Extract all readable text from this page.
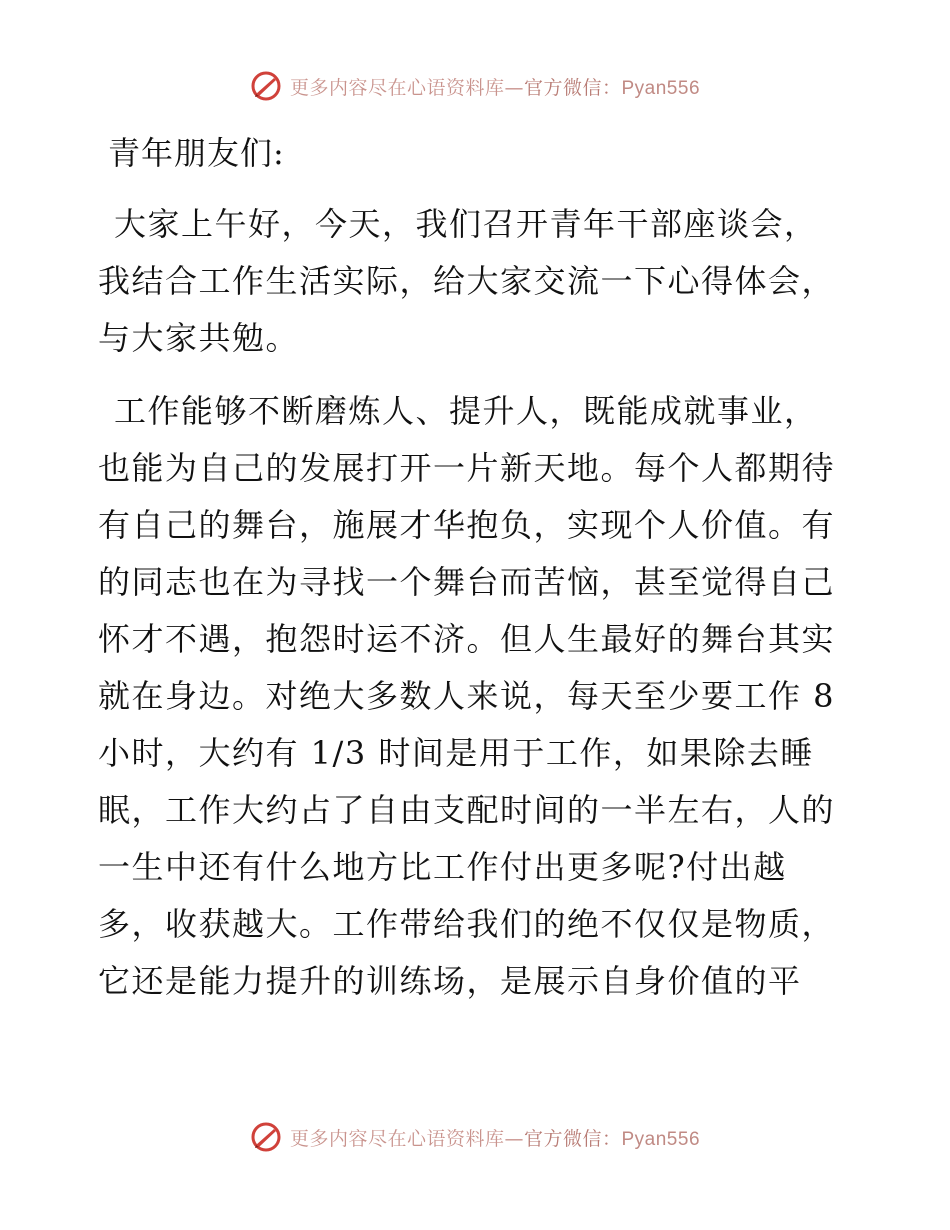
更多内容尽在心语资料库—官方微信：Pyan556
青年朋友们:
大家上午好，今天，我们召开青年干部座谈会，
我结合工作生活实际，给大家交流一下心得体会，
与大家共勉。
工作能够不断磨炼人、提升人，既能成就事业，
也能为自己的发展打开一片新天地。每个人都期待
有自己的舞台，施展才华抱负，实现个人价值。有
的同志也在为寻找一个舞台而苦恼，甚至觉得自己
怀才不遇，抱怨时运不济。但人生最好的舞台其实
就在身边。对绝大多数人来说，每天至少要工作 8
小时，大约有 1/3 时间是用于工作，如果除去睡
眠，工作大约占了自由支配时间的一半左右，人的
一生中还有什么地方比工作付出更多呢?付出越
多，收获越大。工作带给我们的绝不仅仅是物质，
它还是能力提升的训练场，是展示自身价值的平
更多内容尽在心语资料库—官方微信：Pyan556
